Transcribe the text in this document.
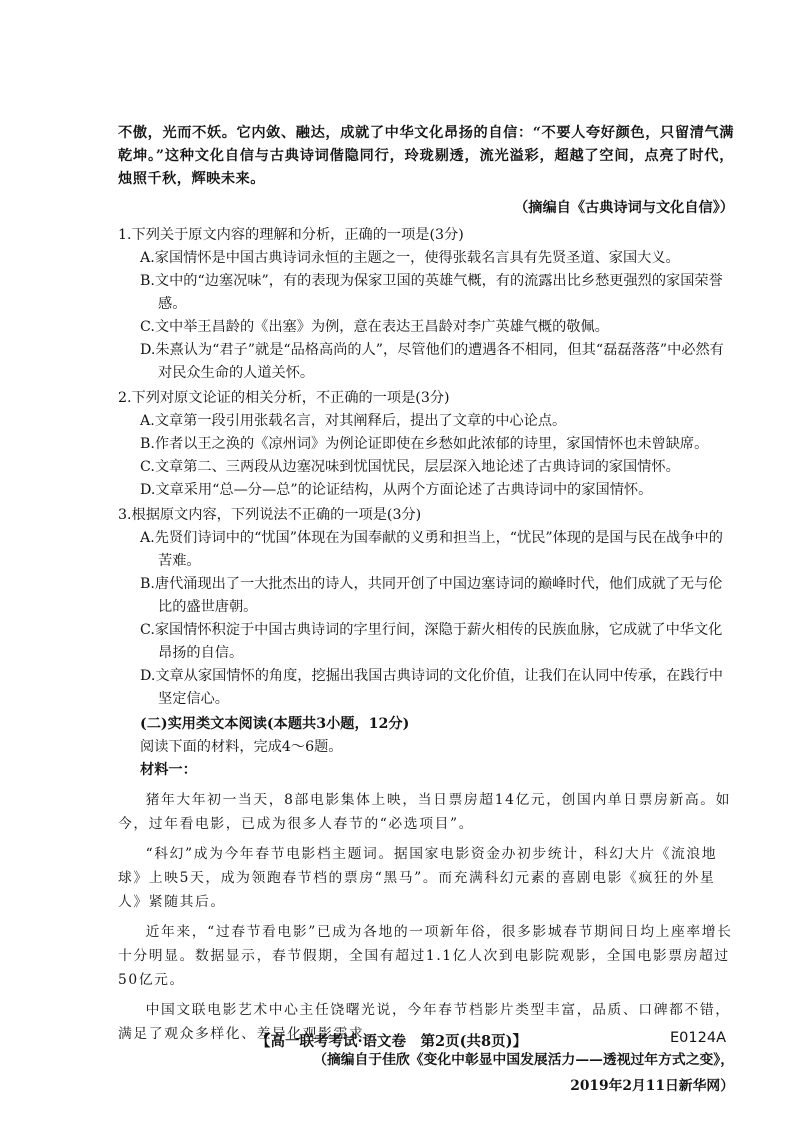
不傲，光而不妖。它内敛、融达，成就了中华文化昂扬的自信：“不要人夸好颜色，只留清气满乾坤。”这种文化自信与古典诗词偕隐同行，玲珑剔透，流光溢彩，超越了空间，点亮了时代，烛照千秋，辉映未来。

（摘编自《古典诗词与文化自信》）

1.下列关于原文内容的理解和分析，正确的一项是(3分)

A.家国情怀是中国古典诗词永恒的主题之一，使得张载名言具有先贤圣道、家国大义。

B.文中的“边塞况味”，有的表现为保家卫国的英雄气概，有的流露出比乡愁更强烈的家国荣誉感。

C.文中举王昌龄的《出塞》为例，意在表达王昌龄对李广英雄气概的敬佩。

D.朱熹认为“君子”就是“品格高尚的人”，尽管他们的遭遇各不相同，但其“磊磊落落”中必然有对民众生命的人道关怀。

2.下列对原文论证的相关分析，不正确的一项是(3分)

A.文章第一段引用张载名言，对其阐释后，提出了文章的中心论点。

B.作者以王之涣的《凉州词》为例论证即使在乡愁如此浓郁的诗里，家国情怀也未曾缺席。

C.文章第二、三两段从边塞况味到忧国忧民，层层深入地论述了古典诗词的家国情怀。

D.文章采用“总—分—总”的论证结构，从两个方面论述了古典诗词中的家国情怀。

3.根据原文内容，下列说法不正确的一项是(3分)

A.先贤们诗词中的“忧国”体现在为国奉献的义勇和担当上，“忧民”体现的是国与民在战争中的苦难。

B.唐代涌现出了一大批杰出的诗人，共同开创了中国边塞诗词的巅峰时代，他们成就了无与伦比的盛世唐朝。

C.家国情怀积淀于中国古典诗词的字里行间，深隐于薪火相传的民族血脉，它成就了中华文化昂扬的自信。

D.文章从家国情怀的角度，挖掘出我国古典诗词的文化价值，让我们在认同中传承，在践行中坚定信心。

(二)实用类文本阅读(本题共3小题，12分)

阅读下面的材料，完成4～6题。

材料一：

猪年大年初一当天，8部电影集体上映，当日票房超14亿元，创国内单日票房新高。如今，过年看电影，已成为很多人春节的“必选项目”。

“科幻”成为今年春节电影档主题词。据国家电影资金办初步统计，科幻大片《流浪地球》上映5天，成为领跑春节档的票房“黑马”。而充满科幻元素的喜剧电影《疯狂的外星人》紧随其后。

近年来，“过春节看电影”已成为各地的一项新年俗，很多影城春节期间日均上座率增长十分明显。数据显示，春节假期，全国有超过1.1亿人次到电影院观影，全国电影票房超过50亿元。

中国文联电影艺术中心主任饶曙光说，今年春节档影片类型丰富，品质、口碑都不错，满足了观众多样化、差异化观影需求。

（摘编自于佳欣《变化中彰显中国发展活力——透视过年方式之变》，

2019年2月11日新华网）

【高一联考考试·语文卷　第2页(共8页)】	E0124A
